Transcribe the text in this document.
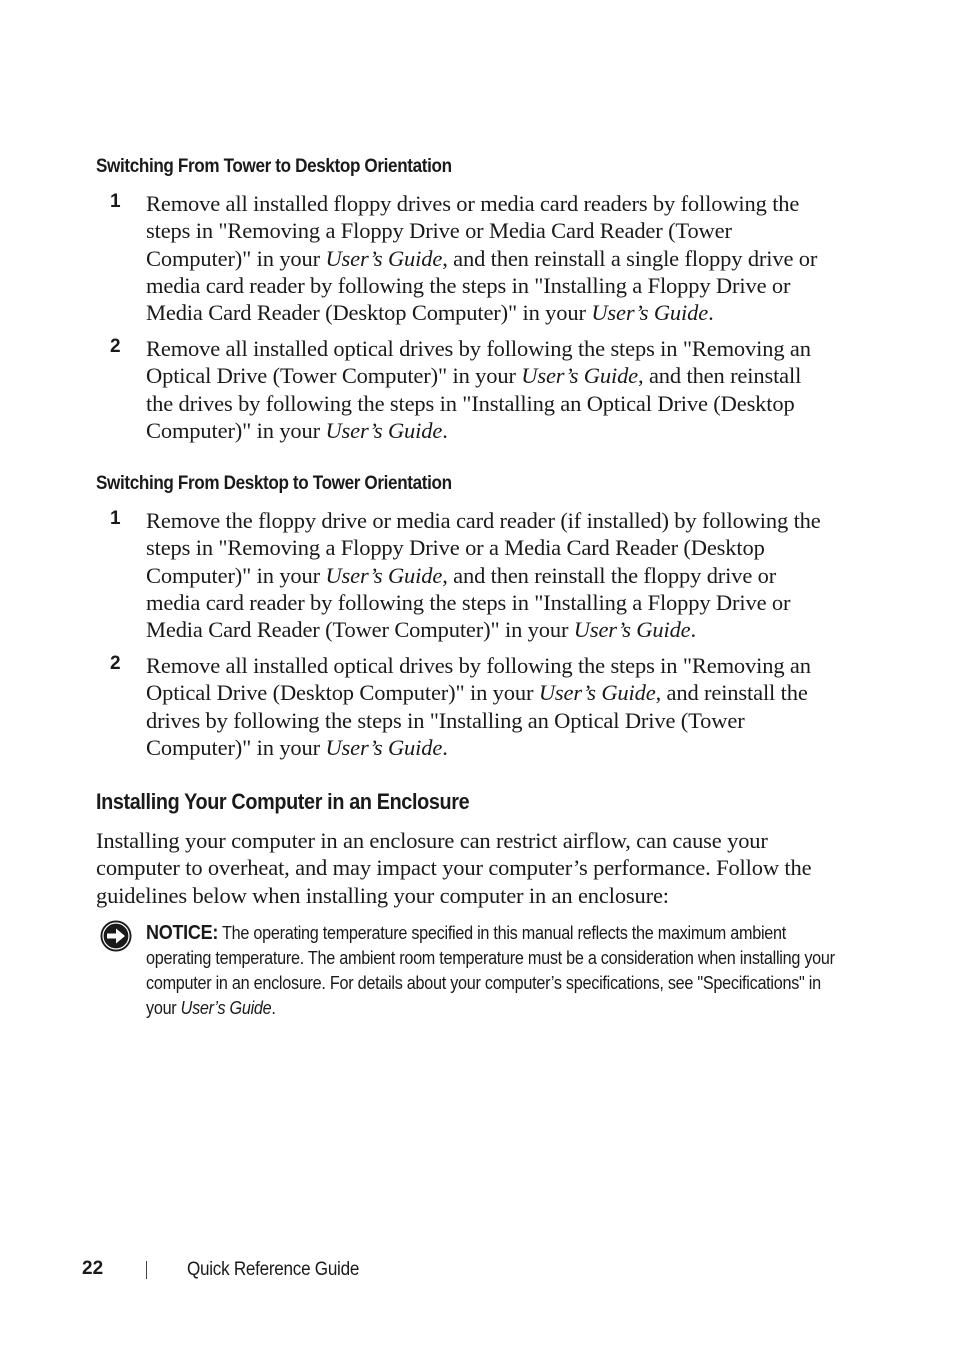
Switching From Tower to Desktop Orientation
1 Remove all installed floppy drives or media card readers by following the steps in "Removing a Floppy Drive or Media Card Reader (Tower Computer)" in your User’s Guide, and then reinstall a single floppy drive or media card reader by following the steps in "Installing a Floppy Drive or Media Card Reader (Desktop Computer)" in your User’s Guide.
2 Remove all installed optical drives by following the steps in "Removing an Optical Drive (Tower Computer)" in your User’s Guide, and then reinstall the drives by following the steps in "Installing an Optical Drive (Desktop Computer)" in your User’s Guide.
Switching From Desktop to Tower Orientation
1 Remove the floppy drive or media card reader (if installed) by following the steps in "Removing a Floppy Drive or a Media Card Reader (Desktop Computer)" in your User’s Guide, and then reinstall the floppy drive or media card reader by following the steps in "Installing a Floppy Drive or Media Card Reader (Tower Computer)" in your User’s Guide.
2 Remove all installed optical drives by following the steps in "Removing an Optical Drive (Desktop Computer)" in your User’s Guide, and reinstall the drives by following the steps in "Installing an Optical Drive (Tower Computer)" in your User’s Guide.
Installing Your Computer in an Enclosure
Installing your computer in an enclosure can restrict airflow, can cause your computer to overheat, and may impact your computer’s performance. Follow the guidelines below when installing your computer in an enclosure:
NOTICE: The operating temperature specified in this manual reflects the maximum ambient operating temperature. The ambient room temperature must be a consideration when installing your computer in an enclosure. For details about your computer’s specifications, see "Specifications" in your User’s Guide.
22	Quick Reference Guide
